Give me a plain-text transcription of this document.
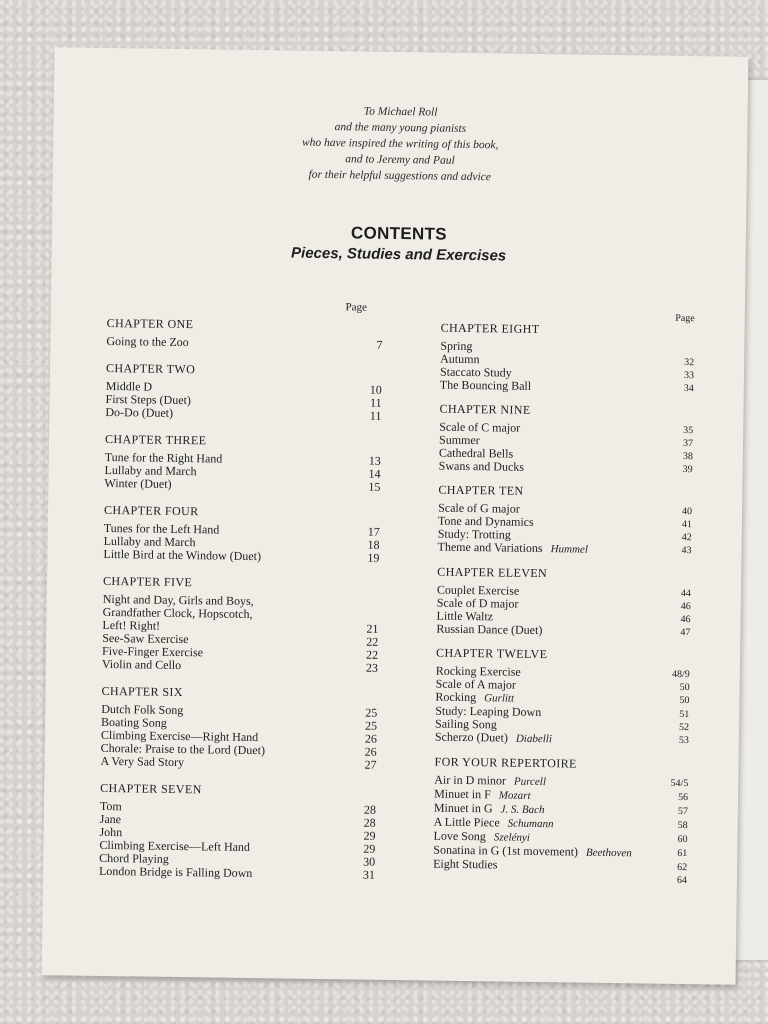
To Michael Roll
and the many young pianists
who have inspired the writing of this book,
and to Jeremy and Paul
for their helpful suggestions and advice
CONTENTS
Pieces, Studies and Exercises
Page
CHAPTER ONE
Going to the Zoo	7
CHAPTER TWO
Middle D	10
First Steps (Duet)	11
Do-Do (Duet)	11
CHAPTER THREE
Tune for the Right Hand	13
Lullaby and March	14
Winter (Duet)	15
CHAPTER FOUR
Tunes for the Left Hand	17
Lullaby and March	18
Little Bird at the Window (Duet)	19
CHAPTER FIVE
Night and Day, Girls and Boys,
Grandfather Clock, Hopscotch,
Left! Right!	21
See-Saw Exercise	22
Five-Finger Exercise	22
Violin and Cello	23
CHAPTER SIX
Dutch Folk Song	25
Boating Song	25
Climbing Exercise—Right Hand	26
Chorale: Praise to the Lord (Duet)	26
A Very Sad Story	27
CHAPTER SEVEN
Tom	28
Jane	28
John	29
Climbing Exercise—Left Hand	29
Chord Playing	30
London Bridge is Falling Down	31
Page
CHAPTER EIGHT
Spring
Autumn	32
Staccato Study	33
The Bouncing Ball	34
CHAPTER NINE
Scale of C major	35
Summer	37
Cathedral Bells	38
Swans and Ducks	39
CHAPTER TEN
Scale of G major	40
Tone and Dynamics	41
Study: Trotting	42
Theme and Variations Hummel	43
CHAPTER ELEVEN
Couplet Exercise	44
Scale of D major	46
Little Waltz	46
Russian Dance (Duet)	47
CHAPTER TWELVE
Rocking Exercise	48/9
Scale of A major	50
Rocking Gurlitt	50
Study: Leaping Down	51
Sailing Song	52
Scherzo (Duet) Diabelli	53
FOR YOUR REPERTOIRE
Air in D minor Purcell	54/5
Minuet in F Mozart	56
Minuet in G J. S. Bach	57
A Little Piece Schumann	58
Love Song Szelényi	60
Sonatina in G (1st movement) Beethoven	61
Eight Studies	62
64
